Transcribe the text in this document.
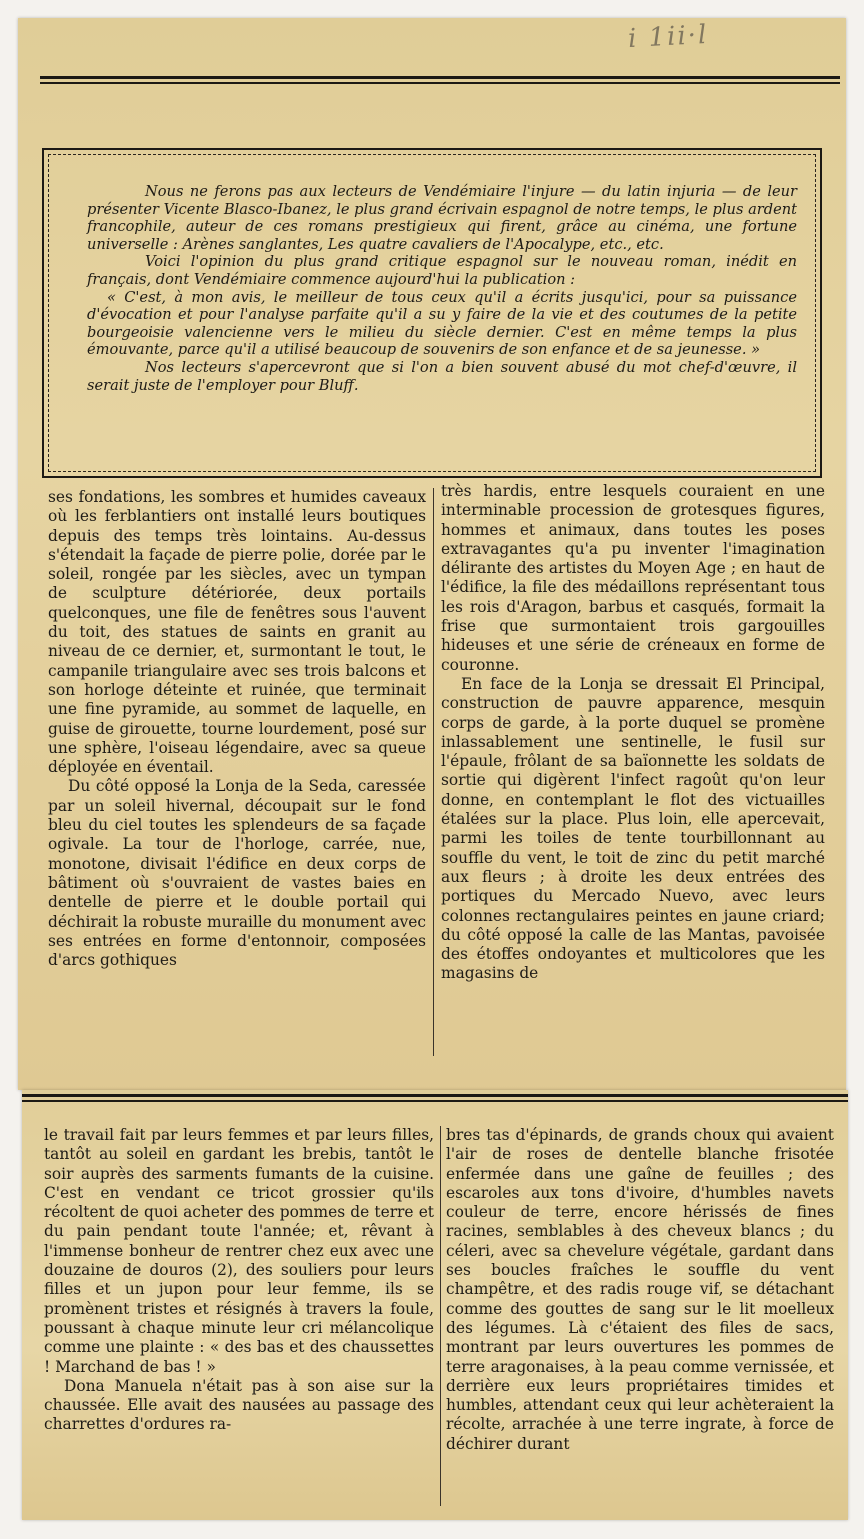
i 1ii·l

Nous ne ferons pas aux lecteurs de Vendémiaire l'injure — du latin injuria — de leur présenter Vicente Blasco-Ibanez, le plus grand écrivain espagnol de notre temps, le plus ardent francophile, auteur de ces romans prestigieux qui firent, grâce au cinéma, une fortune universelle : Arènes sanglantes, Les quatre cavaliers de l'Apocalype, etc., etc.

Voici l'opinion du plus grand critique espagnol sur le nouveau roman, inédit en français, dont Vendémiaire commence aujourd'hui la publication :

« C'est, à mon avis, le meilleur de tous ceux qu'il a écrits jusqu'ici, pour sa puissance d'évocation et pour l'analyse parfaite qu'il a su y faire de la vie et des coutumes de la petite bourgeoisie valencienne vers le milieu du siècle dernier. C'est en même temps la plus émouvante, parce qu'il a utilisé beaucoup de souvenirs de son enfance et de sa jeunesse. »

Nos lecteurs s'apercevront que si l'on a bien souvent abusé du mot chef-d'œuvre, il serait juste de l'employer pour Bluff.

ses fondations, les sombres et humides caveaux où les ferblantiers ont installé leurs boutiques depuis des temps très lointains. Au-dessus s'étendait la façade de pierre polie, dorée par le soleil, rongée par les siècles, avec un tympan de sculpture détériorée, deux portails quelconques, une file de fenêtres sous l'auvent du toit, des statues de saints en granit au niveau de ce dernier, et, surmontant le tout, le campanile triangulaire avec ses trois balcons et son horloge déteinte et ruinée, que terminait une fine pyramide, au sommet de laquelle, en guise de girouette, tourne lourdement, posé sur une sphère, l'oiseau légendaire, avec sa queue déployée en éventail.

Du côté opposé la Lonja de la Seda, caressée par un soleil hivernal, découpait sur le fond bleu du ciel toutes les splendeurs de sa façade ogivale. La tour de l'horloge, carrée, nue, monotone, divisait l'édifice en deux corps de bâtiment où s'ouvraient de vastes baies en dentelle de pierre et le double portail qui déchirait la robuste muraille du monument avec ses entrées en forme d'entonnoir, composées d'arcs gothiques

très hardis, entre lesquels couraient en une interminable procession de grotesques figures, hommes et animaux, dans toutes les poses extravagantes qu'a pu inventer l'imagination délirante des artistes du Moyen Age ; en haut de l'édifice, la file des médaillons représentant tous les rois d'Aragon, barbus et casqués, formait la frise que surmontaient trois gargouilles hideuses et une série de créneaux en forme de couronne.

En face de la Lonja se dressait El Principal, construction de pauvre apparence, mesquin corps de garde, à la porte duquel se promène inlassablement une sentinelle, le fusil sur l'épaule, frôlant de sa baïonnette les soldats de sortie qui digèrent l'infect ragoût qu'on leur donne, en contemplant le flot des victuailles étalées sur la place. Plus loin, elle apercevait, parmi les toiles de tente tourbillonnant au souffle du vent, le toit de zinc du petit marché aux fleurs ; à droite les deux entrées des portiques du Mercado Nuevo, avec leurs colonnes rectangulaires peintes en jaune criard; du côté opposé la calle de las Mantas, pavoisée des étoffes ondoyantes et multicolores que les magasins de

le travail fait par leurs femmes et par leurs filles, tantôt au soleil en gardant les brebis, tantôt le soir auprès des sarments fumants de la cuisine. C'est en vendant ce tricot grossier qu'ils récoltent de quoi acheter des pommes de terre et du pain pendant toute l'année; et, rêvant à l'immense bonheur de rentrer chez eux avec une douzaine de douros (2), des souliers pour leurs filles et un jupon pour leur femme, ils se promènent tristes et résignés à travers la foule, poussant à chaque minute leur cri mélancolique comme une plainte : « des bas et des chaussettes ! Marchand de bas ! »

Dona Manuela n'était pas à son aise sur la chaussée. Elle avait des nausées au passage des charrettes d'ordures ra-

bres tas d'épinards, de grands choux qui avaient l'air de roses de dentelle blanche frisotée enfermée dans une gaîne de feuilles ; des escaroles aux tons d'ivoire, d'humbles navets couleur de terre, encore hérissés de fines racines, semblables à des cheveux blancs ; du céleri, avec sa chevelure végétale, gardant dans ses boucles fraîches le souffle du vent champêtre, et des radis rouge vif, se détachant comme des gouttes de sang sur le lit moelleux des légumes. Là c'étaient des files de sacs, montrant par leurs ouvertures les pommes de terre aragonaises, à la peau comme vernissée, et derrière eux leurs propriétaires timides et humbles, attendant ceux qui leur achèteraient la récolte, arrachée à une terre ingrate, à force de déchirer durant
